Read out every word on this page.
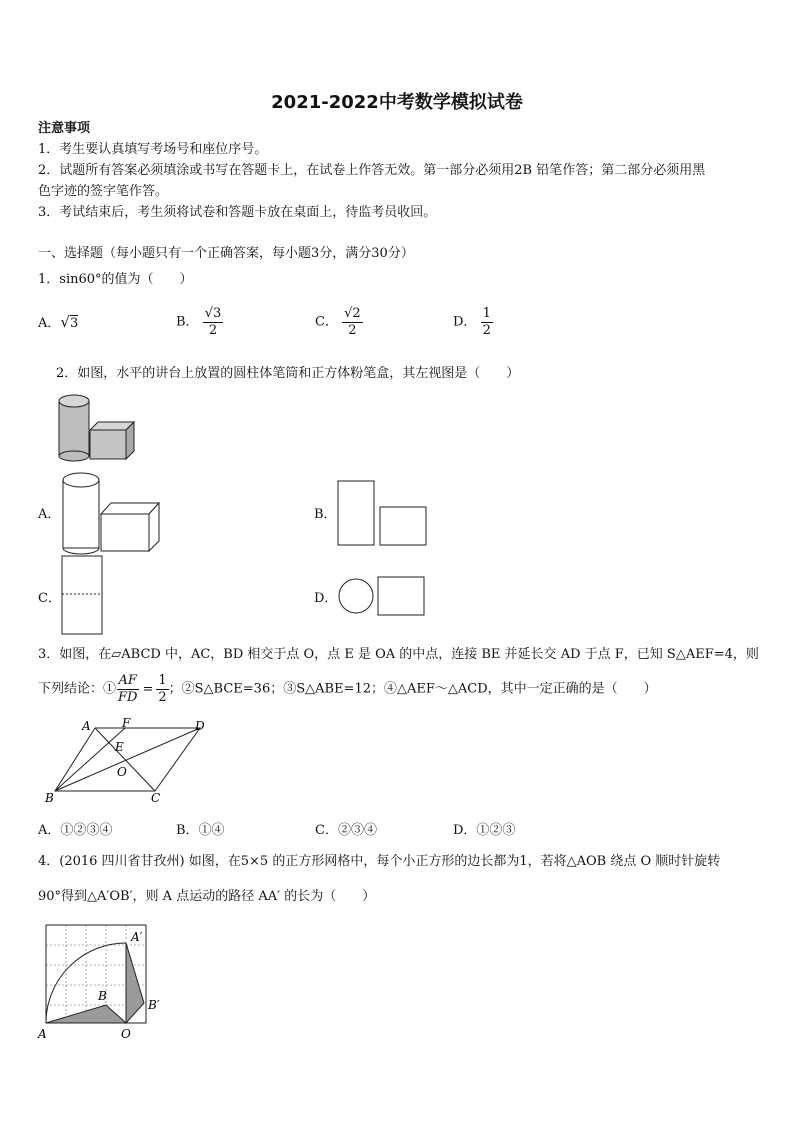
2021-2022中考数学模拟试卷
注意事项
1．考生要认真填写考场号和座位序号。
2．试题所有答案必须填涂或书写在答题卡上，在试卷上作答无效。第一部分必须用2B 铅笔作答；第二部分必须用黑
色字迹的签字笔作答。
3．考试结束后，考生须将试卷和答题卡放在桌面上，待监考员收回。
一、选择题（每小题只有一个正确答案，每小题3分，满分30分）
1．sin60°的值为（　　）
A．√3	B． $\frac{√3}{2}$	C． $\frac{√2}{2}$	D． $\frac{1}{2}$
2．如图，水平的讲台上放置的圆柱体笔筒和正方体粉笔盒，其左视图是（　　）
A．	B．
C．	D．
3．如图，在▱ABCD 中，AC，BD 相交于点 O，点 E 是 OA 的中点，连接 BE 并延长交 AD 于点 F，已知 S△AEF=4，则
下列结论：① $\frac{AF}{FD} = \frac{1}{2}$ ；②S△BCE=36；③S△ABE=12；④△AEF～△ACD，其中一定正确的是（　　）
A	F	D
E
O
B	C
A．①②③④	B．①④	C．②③④	D．①②③
4．(2016 四川省甘孜州) 如图，在5×5 的正方形网格中，每个小正方形的边长都为1，若将△AOB 绕点 O 顺时针旋转
90°得到△A′OB′，则 A 点运动的路径 AA′ 的长为（　　）
A	O
B
A′
B′
